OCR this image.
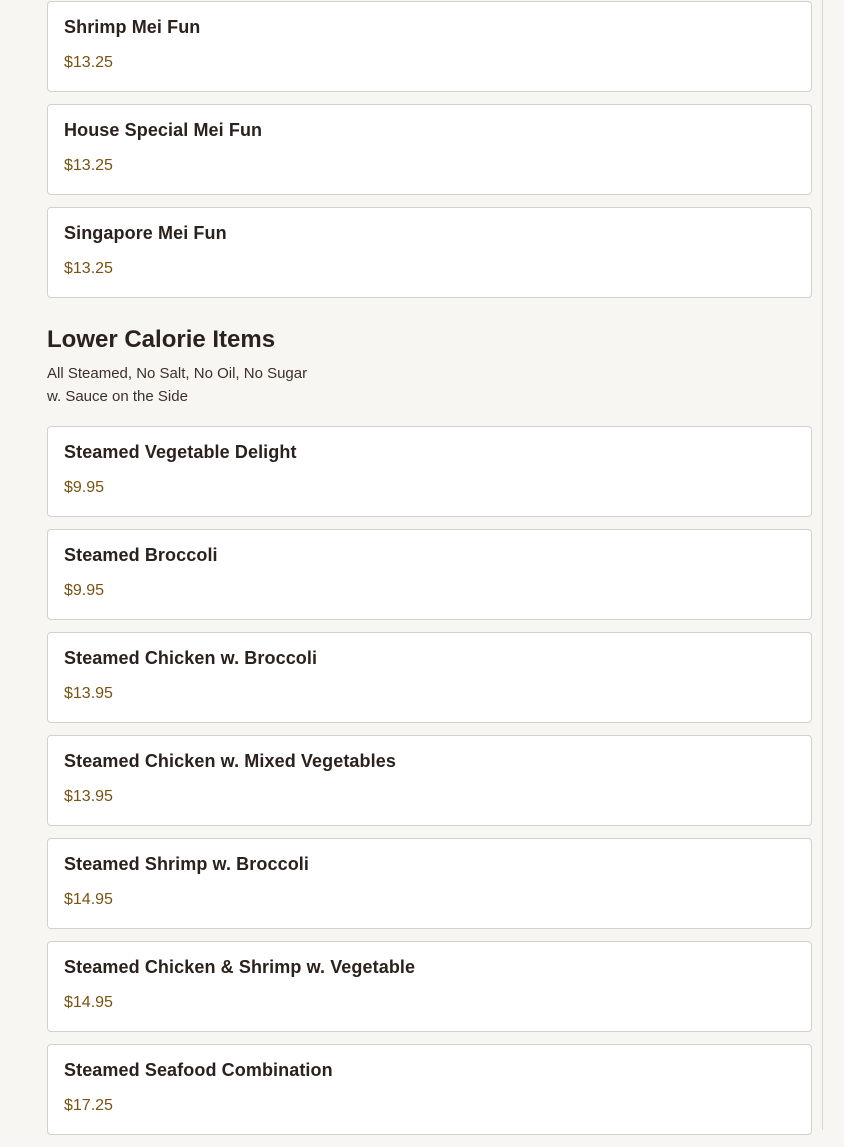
Shrimp Mei Fun
$13.25
House Special Mei Fun
$13.25
Singapore Mei Fun
$13.25
Lower Calorie Items
All Steamed, No Salt, No Oil, No Sugar
w. Sauce on the Side
Steamed Vegetable Delight
$9.95
Steamed Broccoli
$9.95
Steamed Chicken w. Broccoli
$13.95
Steamed Chicken w. Mixed Vegetables
$13.95
Steamed Shrimp w. Broccoli
$14.95
Steamed Chicken & Shrimp w. Vegetable
$14.95
Steamed Seafood Combination
$17.25
